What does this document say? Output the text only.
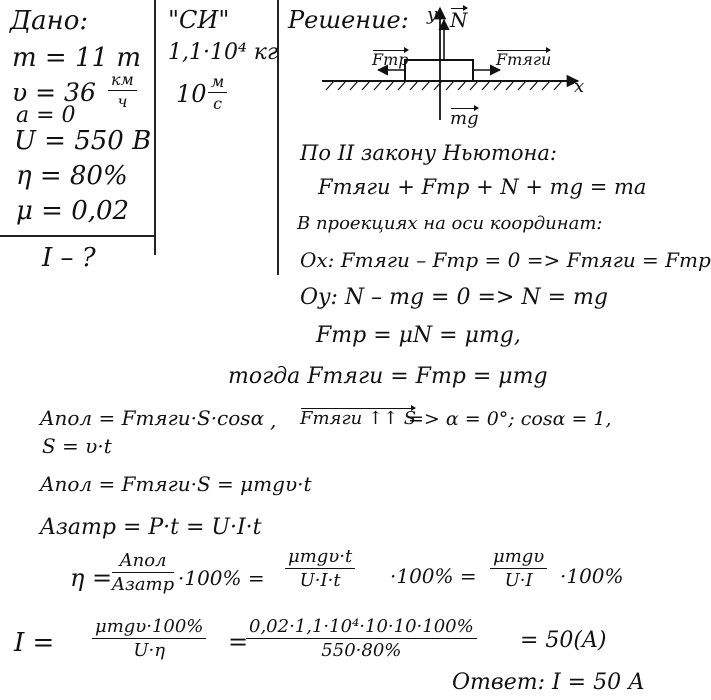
Дано:
m = 11 т
υ = 36 км
ч
a = 0
U = 550 В
η = 80%
μ = 0,02
I – ?
"СИ"
1,1·10⁴ кг
10 м
с
Решение: y N
Fтр	Fтяги
x
mg
По II закону Ньютона:
Fтяги + Fтр + N + mg = ma
В проекциях на оси координат:
Ox: Fтяги – Fтр = 0 => Fтяги = Fтр
Oy: N – mg = 0 => N = mg
Fтр = μN = μmg,
тогда Fтяги = Fтр = μmg
Aпол = Fтяги·S·cosα , Fтяги ↑↑ S
=> α = 0°; cosα = 1,
S = υ·t
Aпол = Fтяги·S = μmgυ·t
Aзатр = P·t = U·I·t
η =
Aпол
Aзатр ·100% =
μmgυ·t
U·I·t	·100% =
μmgυ
U·I	·100%
I =
μmgυ·100%
U·η	=
$\frac{\text{0,02·1,1·10⁴·10·10·100\%}}{550\cdot 80\%} = 50(A)$
Ответ: I = 50 А
